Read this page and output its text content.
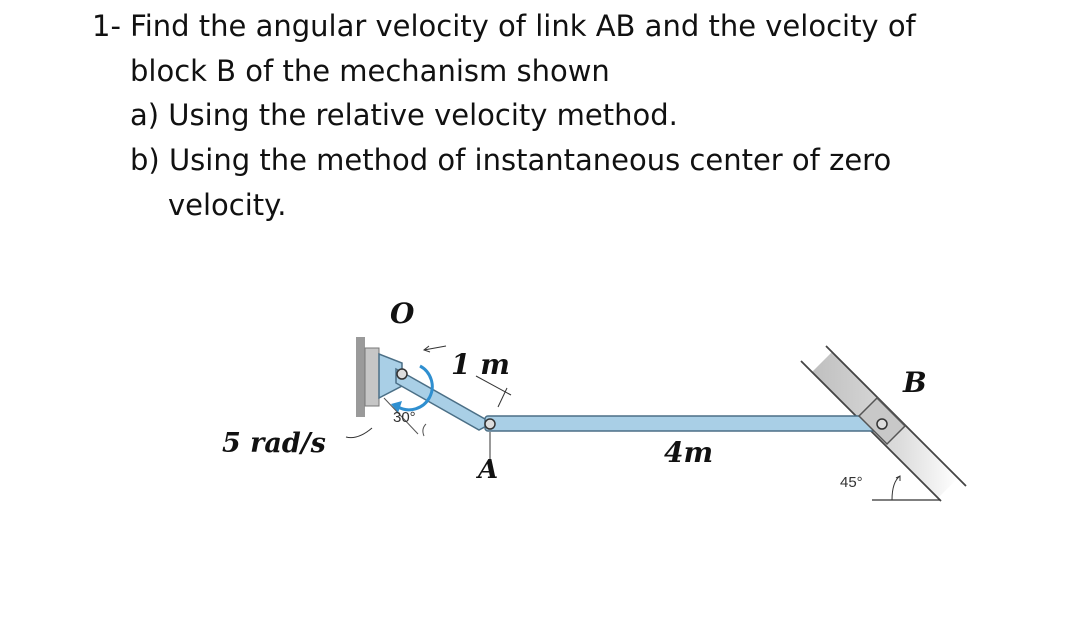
1- Find the angular velocity of link AB and the velocity of
block B of the mechanism shown
a) Using the relative velocity method.
b) Using the method of instantaneous center of zero
velocity.
O
1 m
A
4m
B
5 rad/s
30°
45°
